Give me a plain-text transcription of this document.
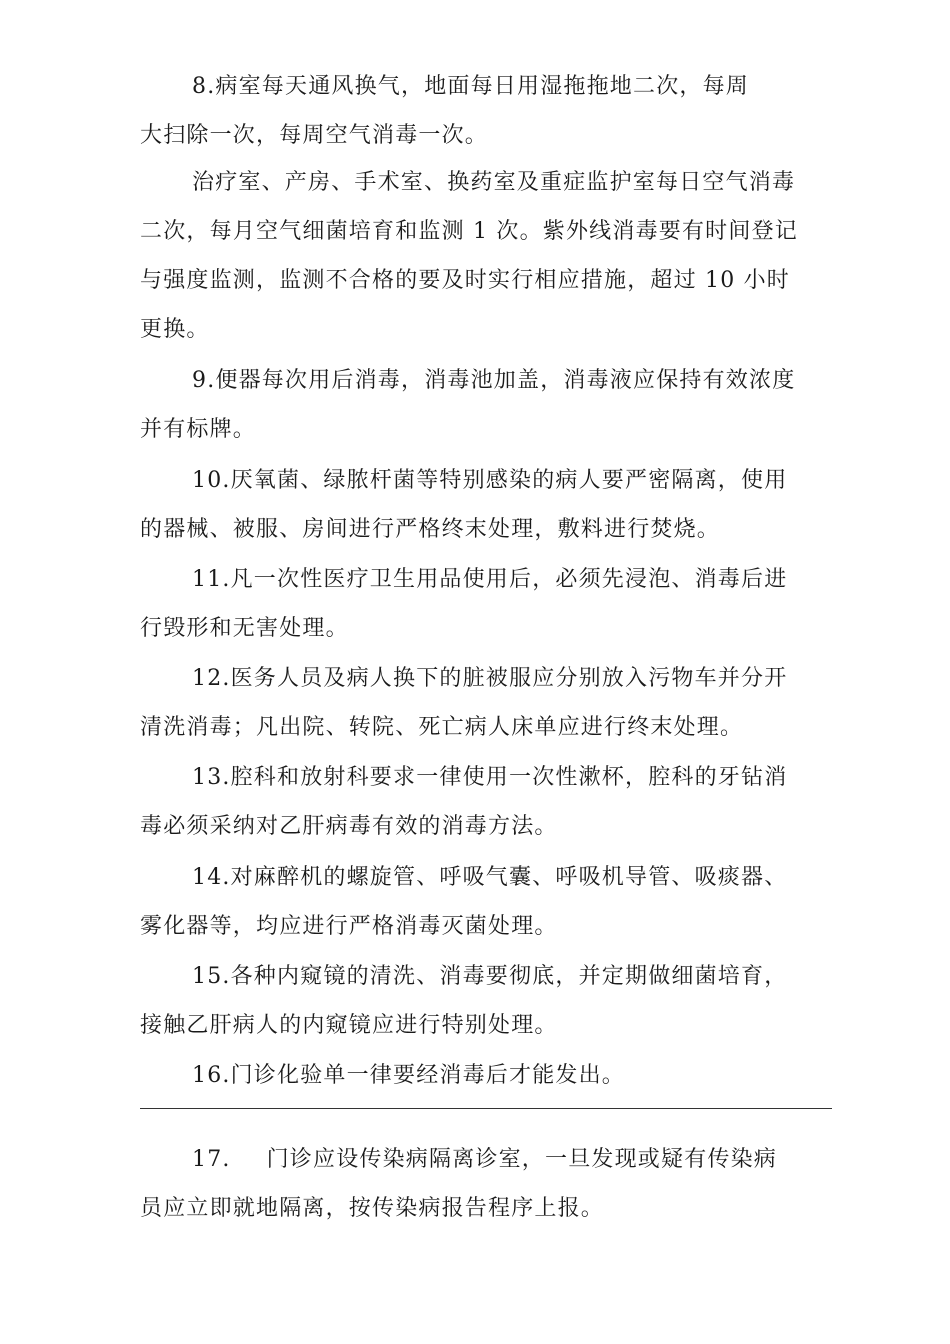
8.病室每天通风换气，地面每日用湿拖拖地二次，每周
大扫除一次，每周空气消毒一次。
治疗室、产房、手术室、换药室及重症监护室每日空气消毒
二次，每月空气细菌培育和监测 1 次。紫外线消毒要有时间登记
与强度监测，监测不合格的要及时实行相应措施，超过 10 小时
更换。
9.便器每次用后消毒，消毒池加盖，消毒液应保持有效浓度
并有标牌。
10.厌氧菌、绿脓杆菌等特别感染的病人要严密隔离，使用
的器械、被服、房间进行严格终末处理，敷料进行焚烧。
11.凡一次性医疗卫生用品使用后，必须先浸泡、消毒后进
行毁形和无害处理。
12.医务人员及病人换下的脏被服应分别放入污物车并分开
清洗消毒；凡出院、转院、死亡病人床单应进行终末处理。
13.腔科和放射科要求一律使用一次性漱杯，腔科的牙钻消
毒必须采纳对乙肝病毒有效的消毒方法。
14.对麻醉机的螺旋管、呼吸气囊、呼吸机导管、吸痰器、
雾化器等，均应进行严格消毒灭菌处理。
15.各种内窥镜的清洗、消毒要彻底，并定期做细菌培育，
接触乙肝病人的内窥镜应进行特别处理。
16.门诊化验单一律要经消毒后才能发出。
17. 门诊应设传染病隔离诊室，一旦发现或疑有传染病
员应立即就地隔离，按传染病报告程序上报。
